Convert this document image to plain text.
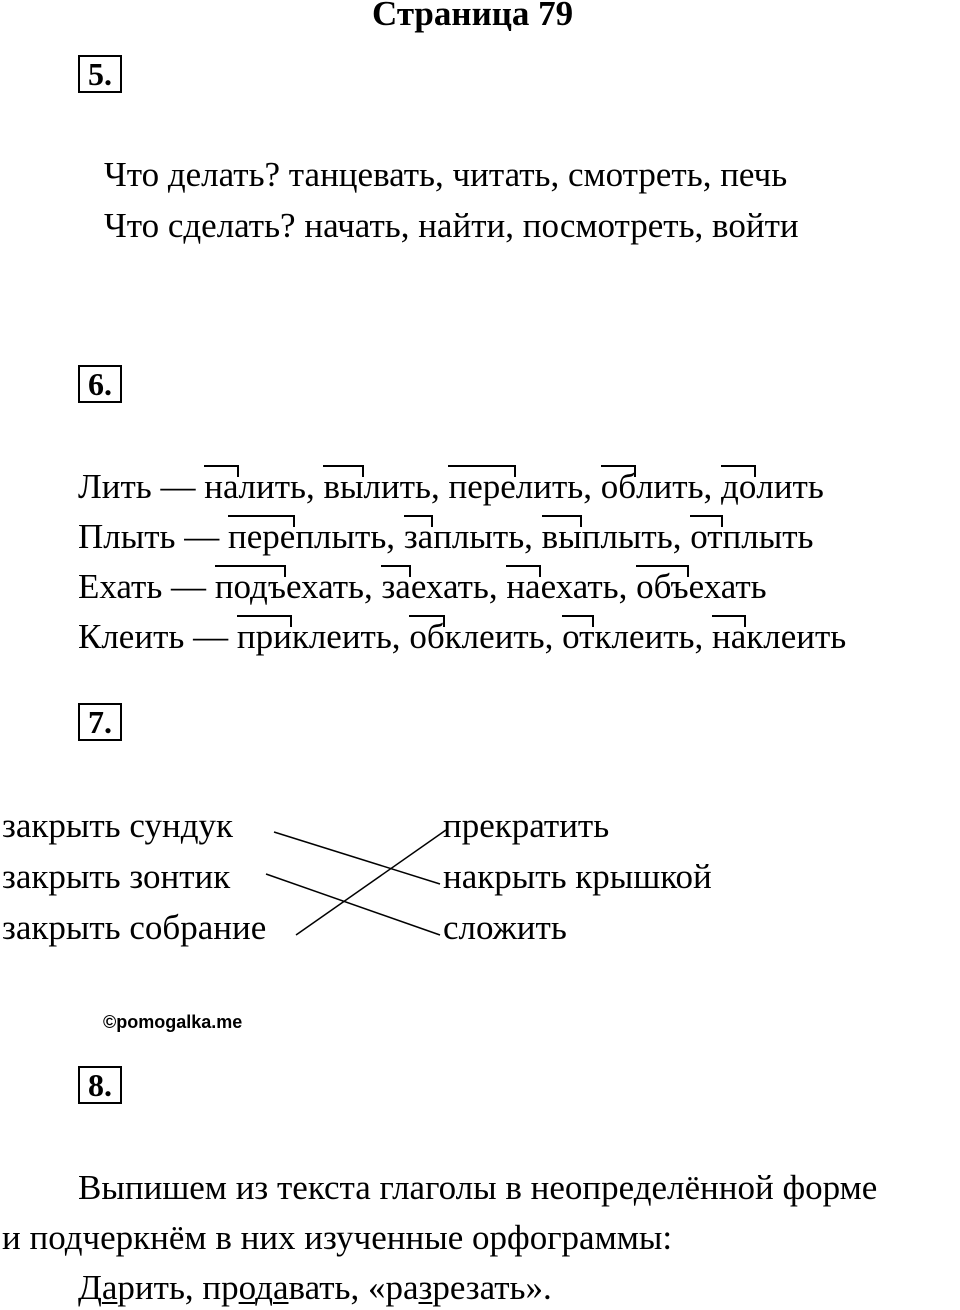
Страница 79
5.
Что делать? танцевать, читать, смотреть, печь
Что сделать? начать, найти, посмотреть, войти
6.
Лить — налить, вылить, перелить, облить, долить
Плыть — переплыть, заплыть, выплыть, отплыть
Ехать — подъехать, заехать, наехать, объехать
Клеить — приклеить, обклеить, отклеить, наклеить
7.
закрыть сундук
закрыть зонтик
закрыть собрание
прекратить
накрыть крышкой
сложить
©pomogalka.me
8.
Выпишем из текста глаголы в неопределённой форме
и подчеркнём в них изученные орфограммы:
Дарить, продавать, «разрезать».
